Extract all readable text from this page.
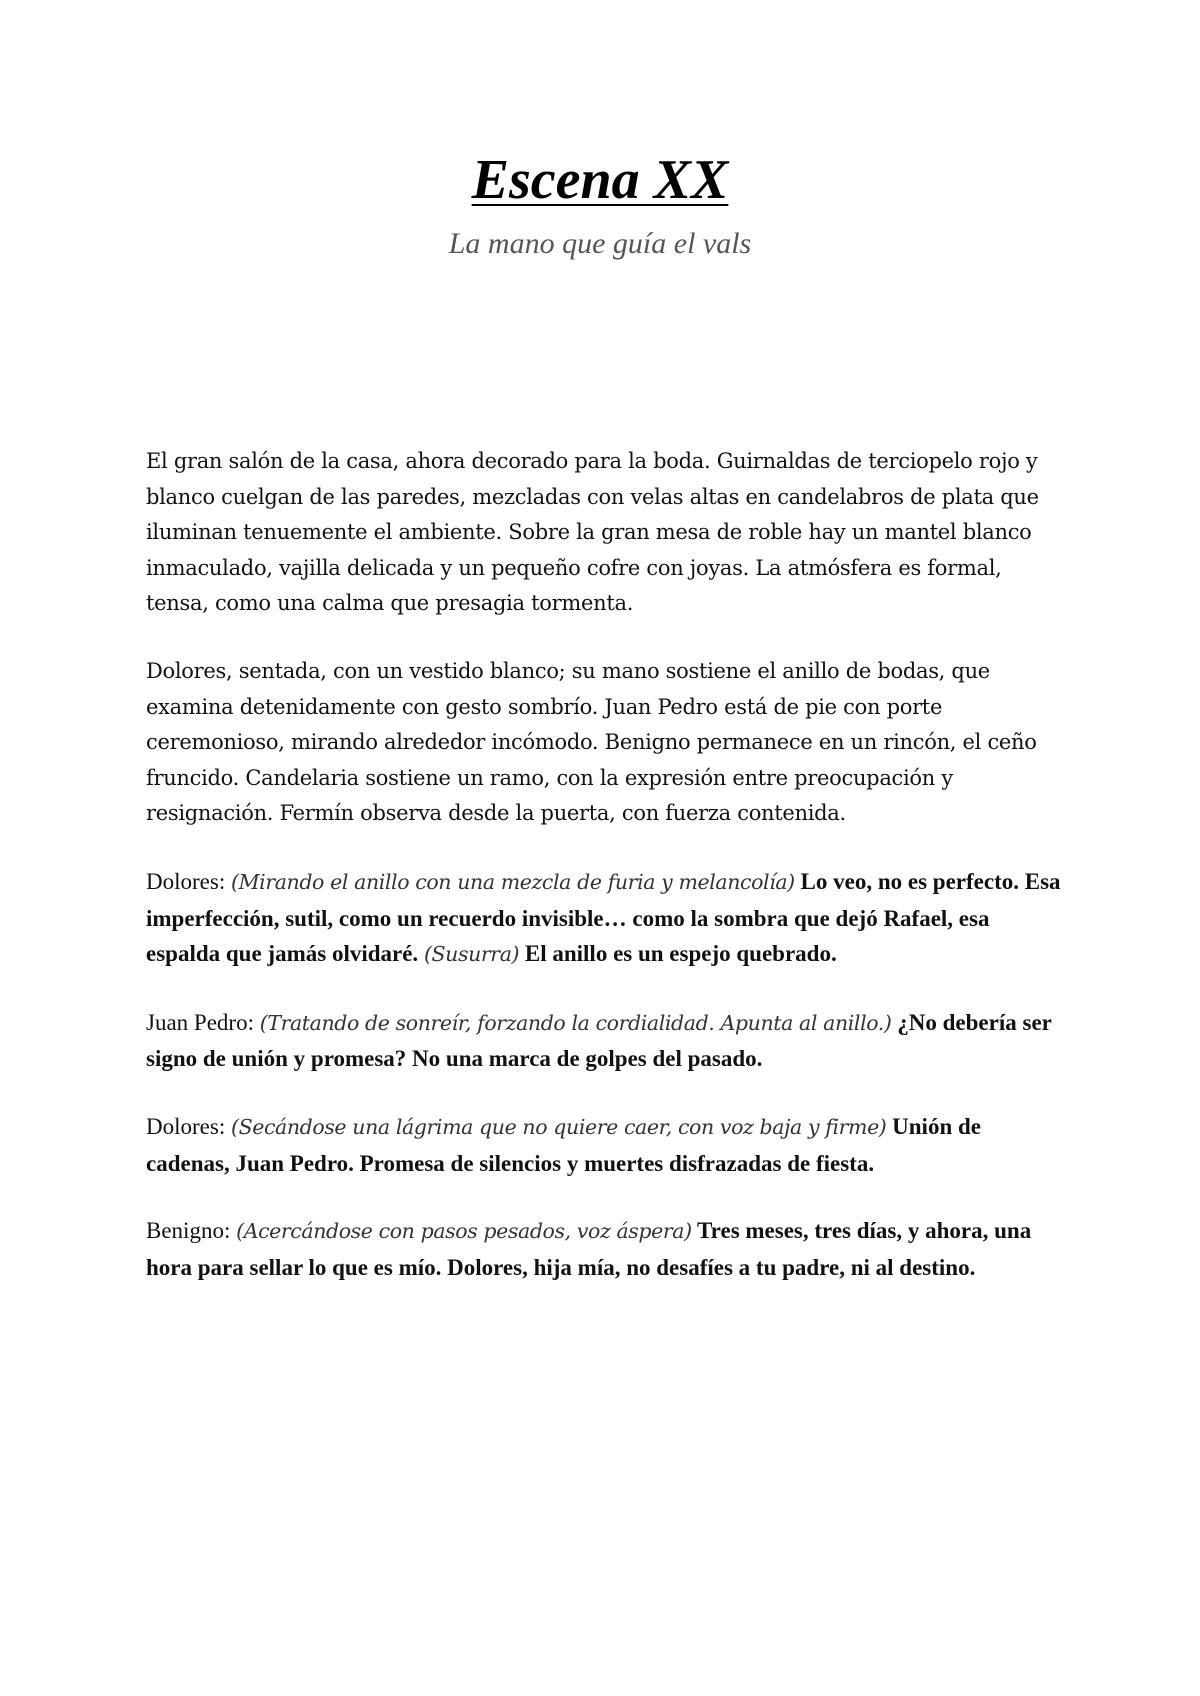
Escena XX
La mano que guía el vals

El gran salón de la casa, ahora decorado para la boda. Guirnaldas de terciopelo rojo y blanco cuelgan de las paredes, mezcladas con velas altas en candelabros de plata que iluminan tenuemente el ambiente. Sobre la gran mesa de roble hay un mantel blanco inmaculado, vajilla delicada y un pequeño cofre con joyas. La atmósfera es formal, tensa, como una calma que presagia tormenta.

Dolores, sentada, con un vestido blanco; su mano sostiene el anillo de bodas, que examina detenidamente con gesto sombrío. Juan Pedro está de pie con porte ceremonioso, mirando alrededor incómodo. Benigno permanece en un rincón, el ceño fruncido. Candelaria sostiene un ramo, con la expresión entre preocupación y resignación. Fermín observa desde la puerta, con fuerza contenida.

Dolores: (Mirando el anillo con una mezcla de furia y melancolía) Lo veo, no es perfecto. Esa imperfección, sutil, como un recuerdo invisible… como la sombra que dejó Rafael, esa espalda que jamás olvidaré. (Susurra) El anillo es un espejo quebrado.

Juan Pedro: (Tratando de sonreír, forzando la cordialidad. Apunta al anillo.) ¿No debería ser signo de unión y promesa? No una marca de golpes del pasado.

Dolores: (Secándose una lágrima que no quiere caer, con voz baja y firme) Unión de cadenas, Juan Pedro. Promesa de silencios y muertes disfrazadas de fiesta.

Benigno: (Acercándose con pasos pesados, voz áspera) Tres meses, tres días, y ahora, una hora para sellar lo que es mío. Dolores, hija mía, no desafíes a tu padre, ni al destino.
